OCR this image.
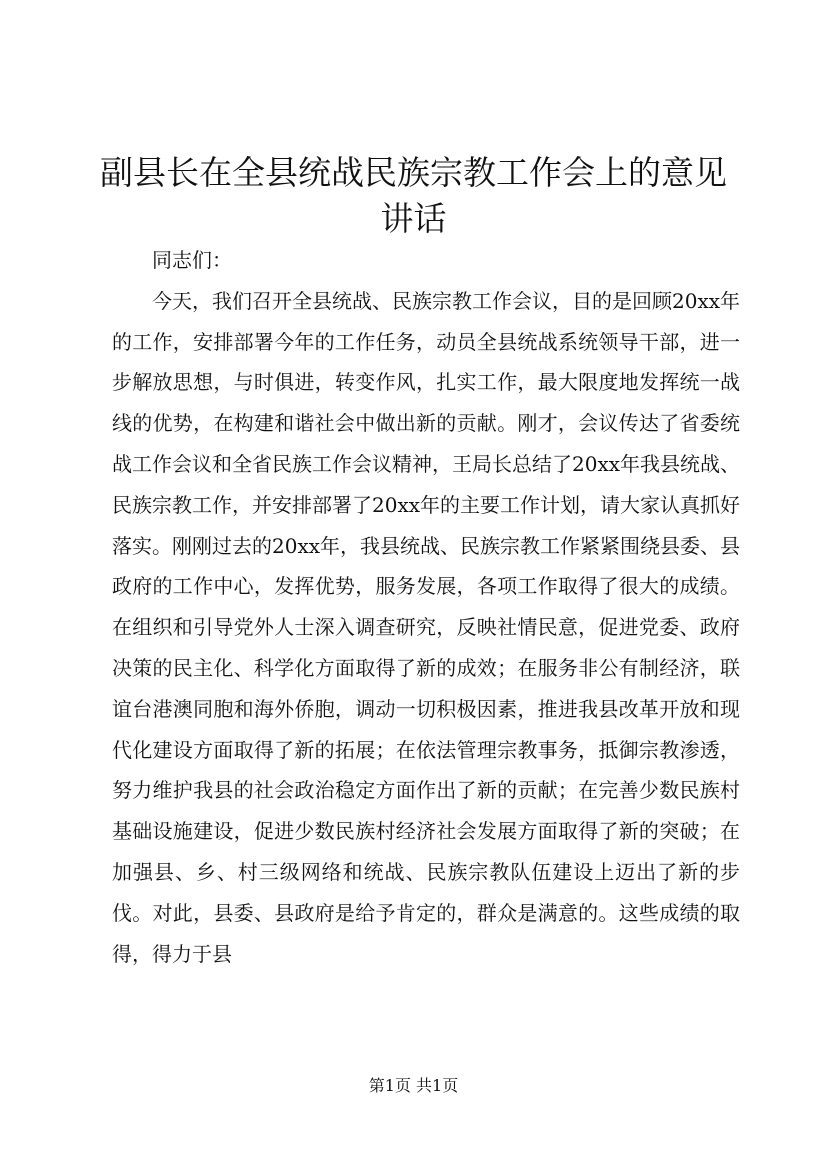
副县长在全县统战民族宗教工作会上的意见讲话

同志们：

今天，我们召开全县统战、民族宗教工作会议，目的是回顾20xx年的工作，安排部署今年的工作任务，动员全县统战系统领导干部，进一步解放思想，与时俱进，转变作风，扎实工作，最大限度地发挥统一战线的优势，在构建和谐社会中做出新的贡献。刚才，会议传达了省委统战工作会议和全省民族工作会议精神，王局长总结了20xx年我县统战、民族宗教工作，并安排部署了20xx年的主要工作计划，请大家认真抓好落实。刚刚过去的20xx年，我县统战、民族宗教工作紧紧围绕县委、县政府的工作中心，发挥优势，服务发展，各项工作取得了很大的成绩。在组织和引导党外人士深入调查研究，反映社情民意，促进党委、政府决策的民主化、科学化方面取得了新的成效；在服务非公有制经济，联谊台港澳同胞和海外侨胞，调动一切积极因素，推进我县改革开放和现代化建设方面取得了新的拓展；在依法管理宗教事务，抵御宗教渗透，努力维护我县的社会政治稳定方面作出了新的贡献；在完善少数民族村基础设施建设，促进少数民族村经济社会发展方面取得了新的突破；在加强县、乡、村三级网络和统战、民族宗教队伍建设上迈出了新的步伐。对此，县委、县政府是给予肯定的，群众是满意的。这些成绩的取得，得力于县

第1页 共1页
